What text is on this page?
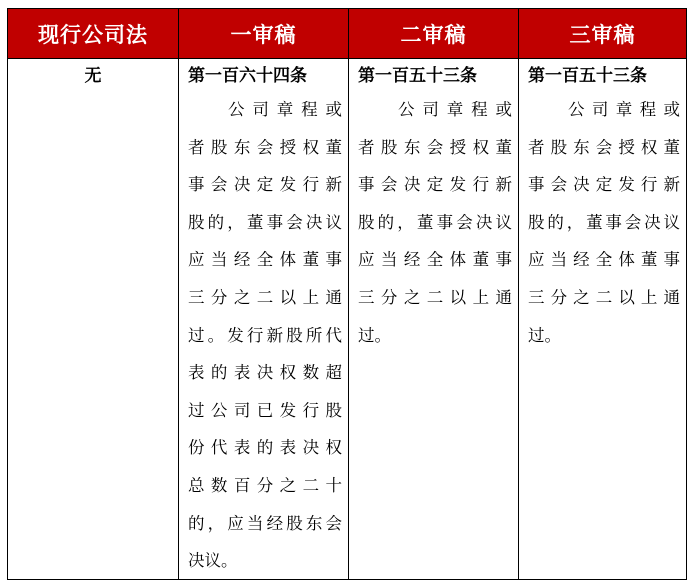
现行公司法
无
一审稿
第一百六十四条
公司章程或
者股东会授权董
事会决定发行新
股的，董事会决议
应当经全体董事
三分之二以上通
过。发行新股所代
表的表决权数超
过公司已发行股
份代表的表决权
总数百分之二十
的，应当经股东会
决议。
二审稿
第一百五十三条
公司章程或
者股东会授权董
事会决定发行新
股的，董事会决议
应当经全体董事
三分之二以上通
过。
三审稿
第一百五十三条
公司章程或
者股东会授权董
事会决定发行新
股的，董事会决议
应当经全体董事
三分之二以上通
过。
